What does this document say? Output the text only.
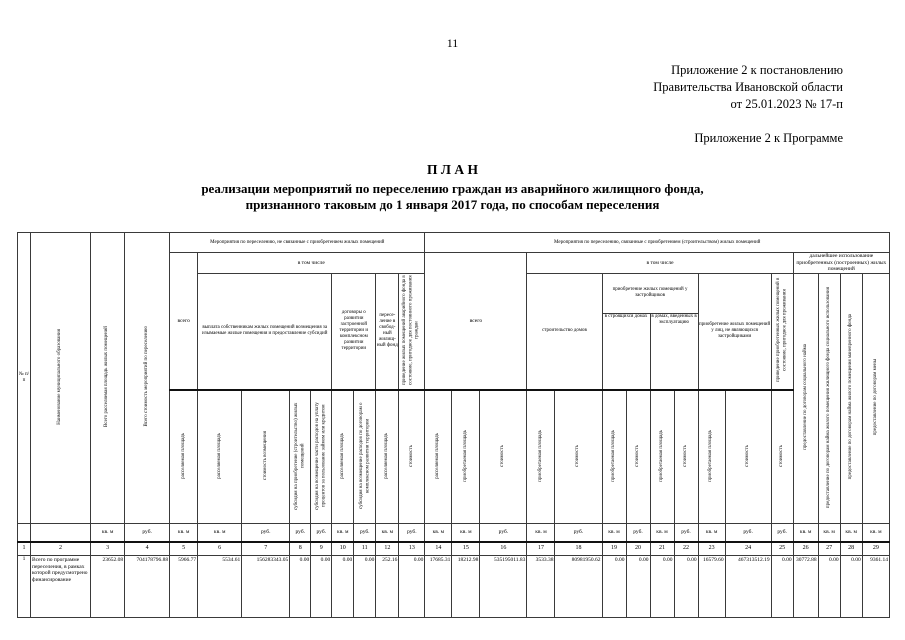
11
Приложение 2 к постановлению
Правительства Ивановской области
от 25.01.2023 № 17-п
Приложение 2 к Программе
П Л А Н
реализации мероприятий по переселению граждан из аварийного жилищного фонда,
признанного таковым до 1 января 2017 года, по способам переселения
№ п/п	Наименование муниципального образования	Всего расселяемая площадь жилых помещений	Всего стоимость мероприятий по переселению	Мероприятия по переселению, не связанные с приобретением жилых помещений									Мероприятия по переселению, связанные с приобретением (строительством) жилых помещений															
				всего	в том числе								всего			в том числе									дальнейшее использование приобретенных (построенных) жилых помещений			
					выплата собственникам жилых помещений возмещения за изымаемые жилые помещения и предоставление субсидий				договоры о развитии застроенной территории и комплексном развитии территории		переселение в свободный жилищный фонд	приведение жилых помещений аварийного фонда в состояние, пригодное для постоянного проживания граждан				строительство домов		приобретение жилых помещений у застройщиков				приобретение жилых помещений у лиц, не являющихся застройщиками		приведение приобретенных жилых помещений в состояние, пригодное для проживания	предоставление по договорам социального найма	предоставление по договорам найма жилого помещения жилищного фонда социального использования	предоставление по договорам найма жилого помещения маневренного фонда	предоставление по договорам мены
																		в строящихся домах		в домах, введенных в эксплуатацию								
				расселяемая площадь	расселяемая площадь	стоимость возмещения	субсидия на приобретение (строительство) жилых помещений	субсидия на возмещение части расходов на уплату процентов за пользование займом или кредитом	расселяемая площадь	субсидия на возмещение расходов по договорам о комплексном развитии территории	расселяемая площадь	стоимость	расселяемая площадь	приобретаемая площадь	стоимость	приобретаемая площадь	стоимость	приобретаемая площадь	стоимость	приобретаемая площадь	стоимость	приобретаемая площадь	стоимость	стоимость				
		кв. м	руб.	кв. м	кв. м	руб.	руб.	руб.	кв. м	руб.	кв. м	руб.	кв. м	кв. м	руб.	кв. м	руб.	кв. м	руб.	кв. м	руб.	кв. м	руб.	руб.	кв. м	кв. м	кв. м	кв. м
1	2	3	4	5	6	7	8	9	10	11	12	13	14	15	16	17	18	19	20	21	22	23	24	25	26	27	28	29
1	Всего по программе переселения, в рамках которой предусмотрено финансирование	23652.08	704178796.88	5966.77	5534.61	156283343.05	0.00	0.00	0.00	0.00	252.16	0.00	17685.31	18212.98	535195011.83	3533.38	80981950.62	0.00	0.00	0.00	0.00	16579.60	467313512.19	0.00	30772.88	0.00	0.00	9361.14
